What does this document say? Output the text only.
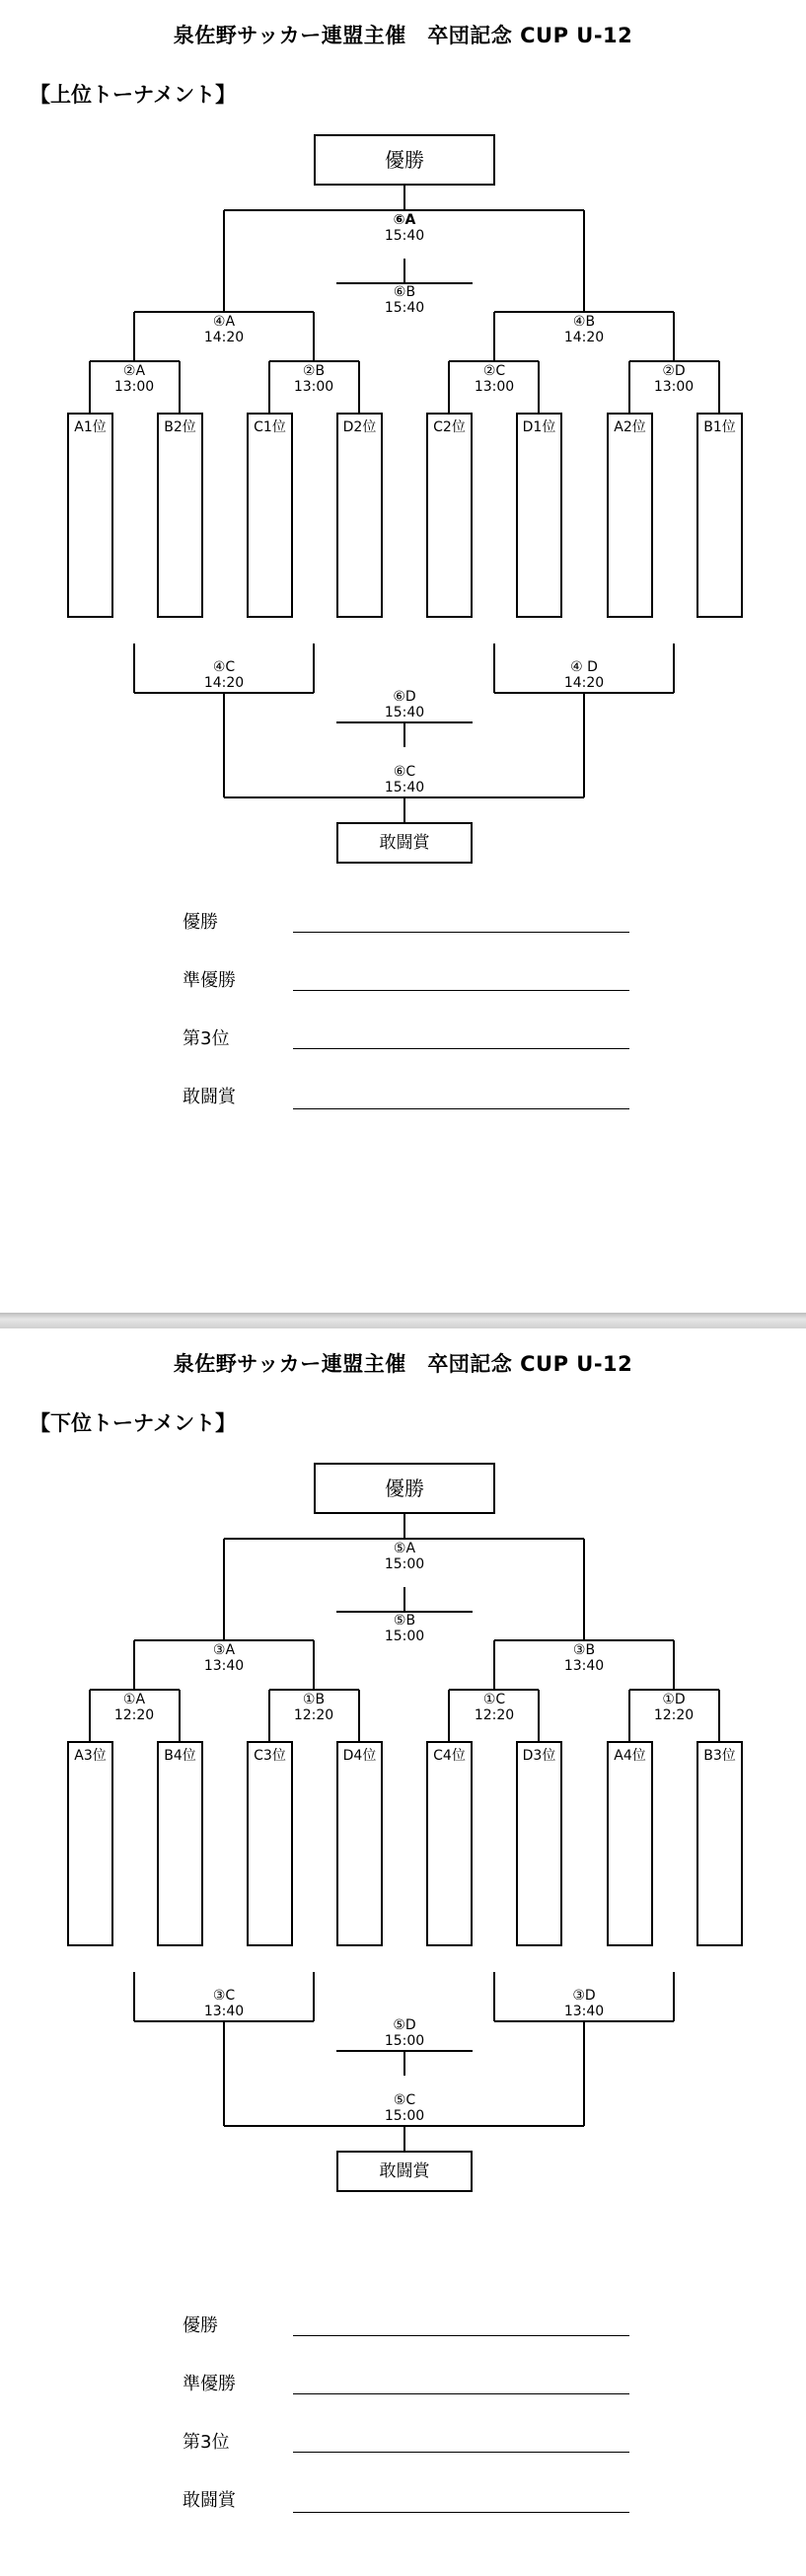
泉佐野サッカー連盟主催　卒団記念 CUP U-12
【上位トーナメント】
優勝
⑥A
15:40
⑥B
15:40
④A
14:20
④B
14:20
②A
13:00
②B
13:00
②C
13:00
②D
13:00
A1位	B2位	C1位	D2位	C2位	D1位	A2位	B1位
④C
14:20
④ D
14:20
⑥D
15:40
⑥C
15:40
敢闘賞
優勝
準優勝
第3位
敢闘賞
泉佐野サッカー連盟主催　卒団記念 CUP U-12
【下位トーナメント】
優勝
⑤A
15:00
⑤B
15:00
③A
13:40
③B
13:40
①A
12:20
①B
12:20
①C
12:20
①D
12:20
A3位	B4位	C3位	D4位	C4位	D3位	A4位	B3位
③C
13:40
③D
13:40
⑤D
15:00
⑤C
15:00
敢闘賞
優勝
準優勝
第3位
敢闘賞
